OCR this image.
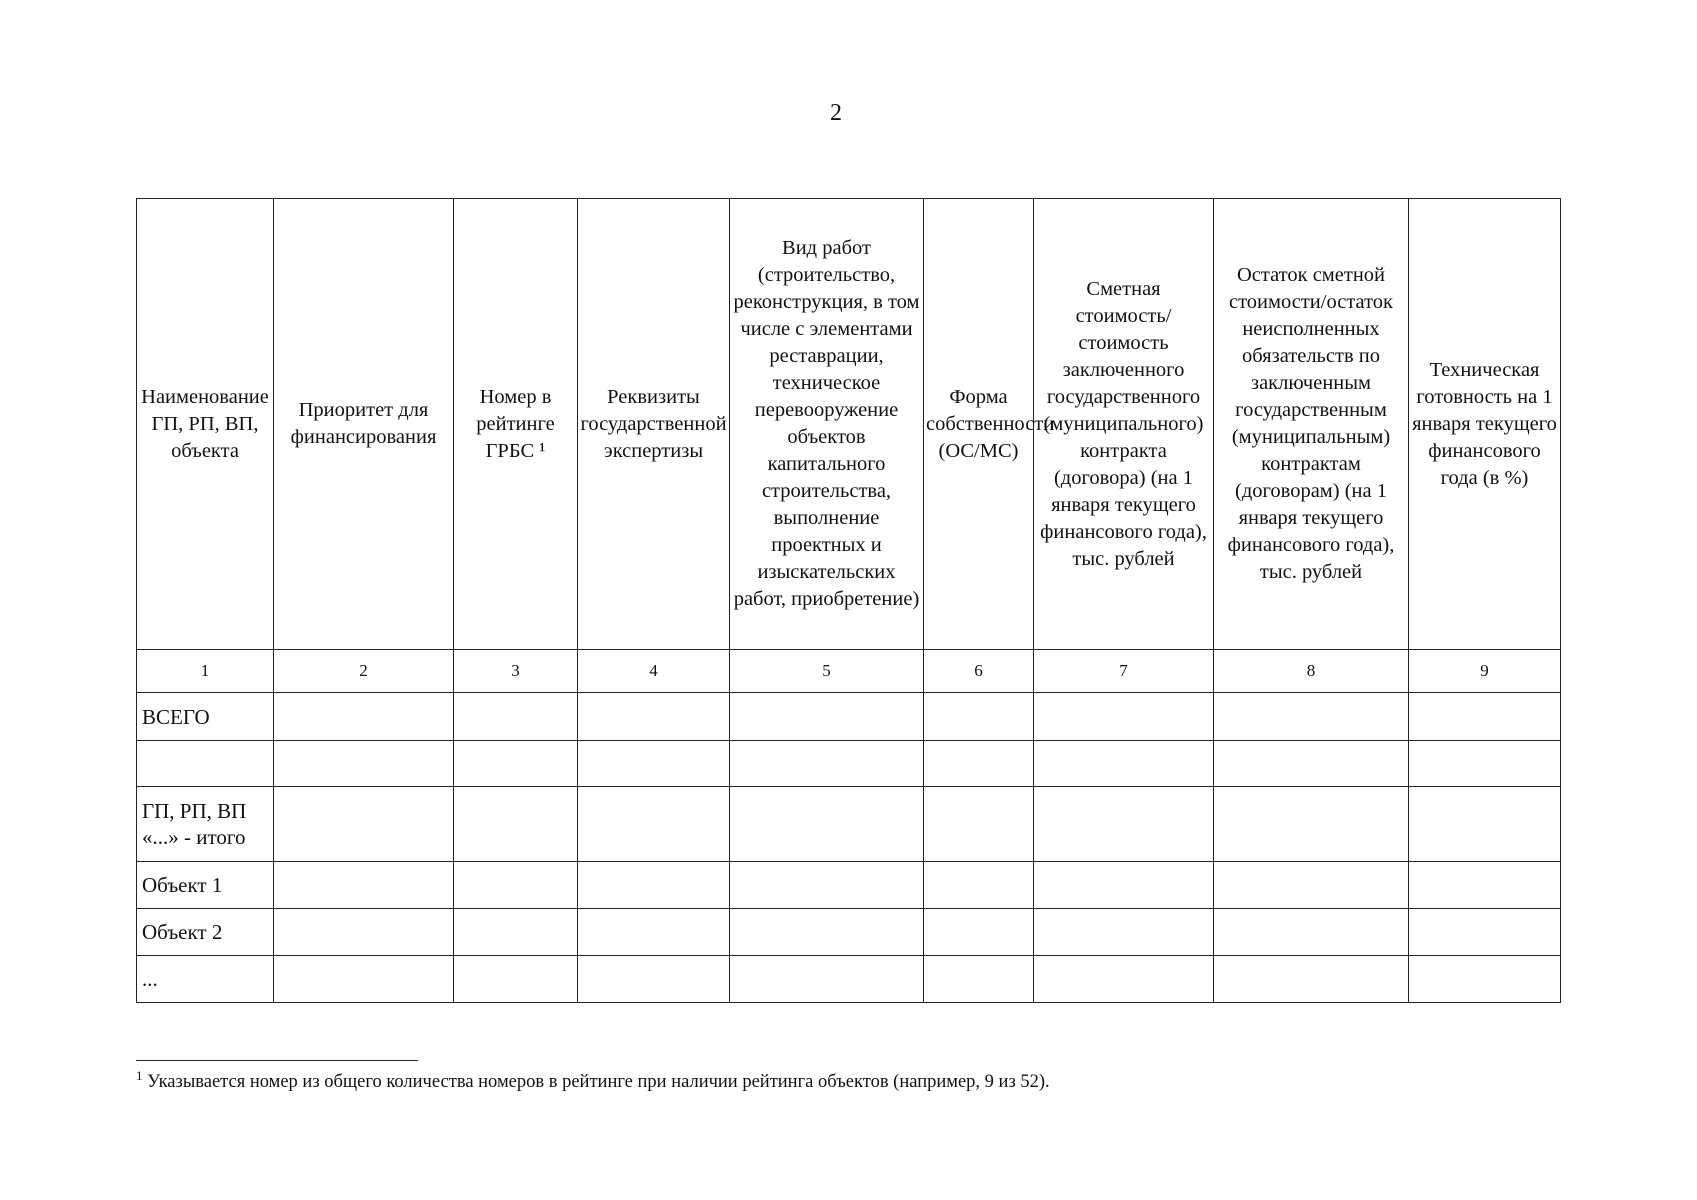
2
Наименование ГП, РП, ВП, объекта	Приоритет для финансирования	Номер в рейтинге ГРБС ¹	Реквизиты государственной экспертизы	Вид работ (строительство, реконструкция, в том числе с элементами реставрации, техническое перевооружение объектов капитального строительства, выполнение проектных и изыскательских работ, приобретение)	Форма собственности (ОС/МС)	Сметная стоимость/стоимость заключенного государственного (муниципального) контракта (договора) (на 1 января текущего финансового года), тыс. рублей	Остаток сметной стоимости/остаток неисполненных обязательств по заключенным государственным (муниципальным) контрактам (договорам) (на 1 января текущего финансового года), тыс. рублей	Техническая готовность на 1 января текущего финансового года (в %)
1	2	3	4	5	6	7	8	9
ВСЕГО								

ГП, РП, ВП «...» - итого								
Объект 1								
Объект 2								
...								
$^1$ Указывается номер из общего количества номеров в рейтинге при наличии рейтинга объектов (например, 9 из 52).
